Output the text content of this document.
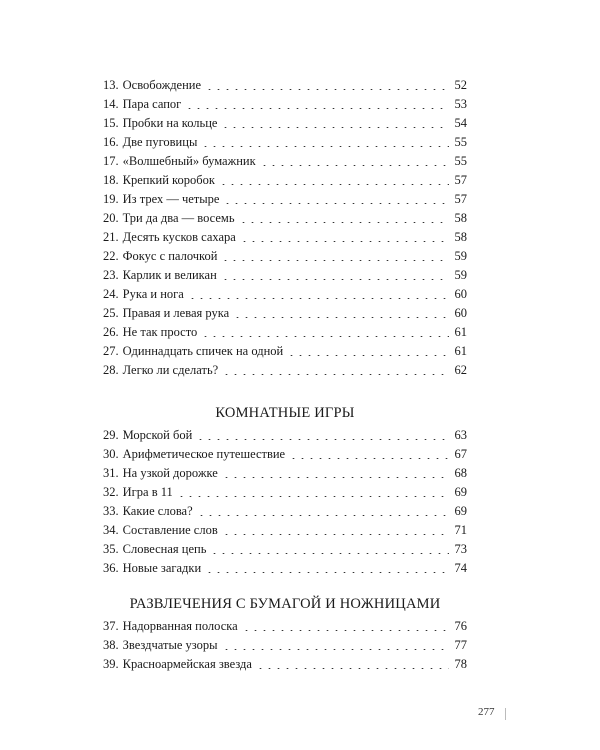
13. Освобождение	52
14. Пара сапог	53
15. Пробки на кольце	54
16. Две пуговицы	55
17. «Волшебный» бумажник	55
18. Крепкий коробок	57
19. Из трех — четыре	57
20. Три да два — восемь	58
21. Десять кусков сахара	58
22. Фокус с палочкой	59
23. Карлик и великан	59
24. Рука и нога	60
25. Правая и левая рука	60
26. Не так просто	61
27. Одиннадцать спичек на одной	61
28. Легко ли сделать?	62
КОМНАТНЫЕ ИГРЫ
29. Морской бой	63
30. Арифметическое путешествие	67
31. На узкой дорожке	68
32. Игра в 11	69
33. Какие слова?	69
34. Составление слов	71
35. Словесная цепь	73
36. Новые загадки	74
РАЗВЛЕЧЕНИЯ С БУМАГОЙ И НОЖНИЦАМИ
37. Надорванная полоска	76
38. Звездчатые узоры	77
39. Красноармейская звезда	78
277
